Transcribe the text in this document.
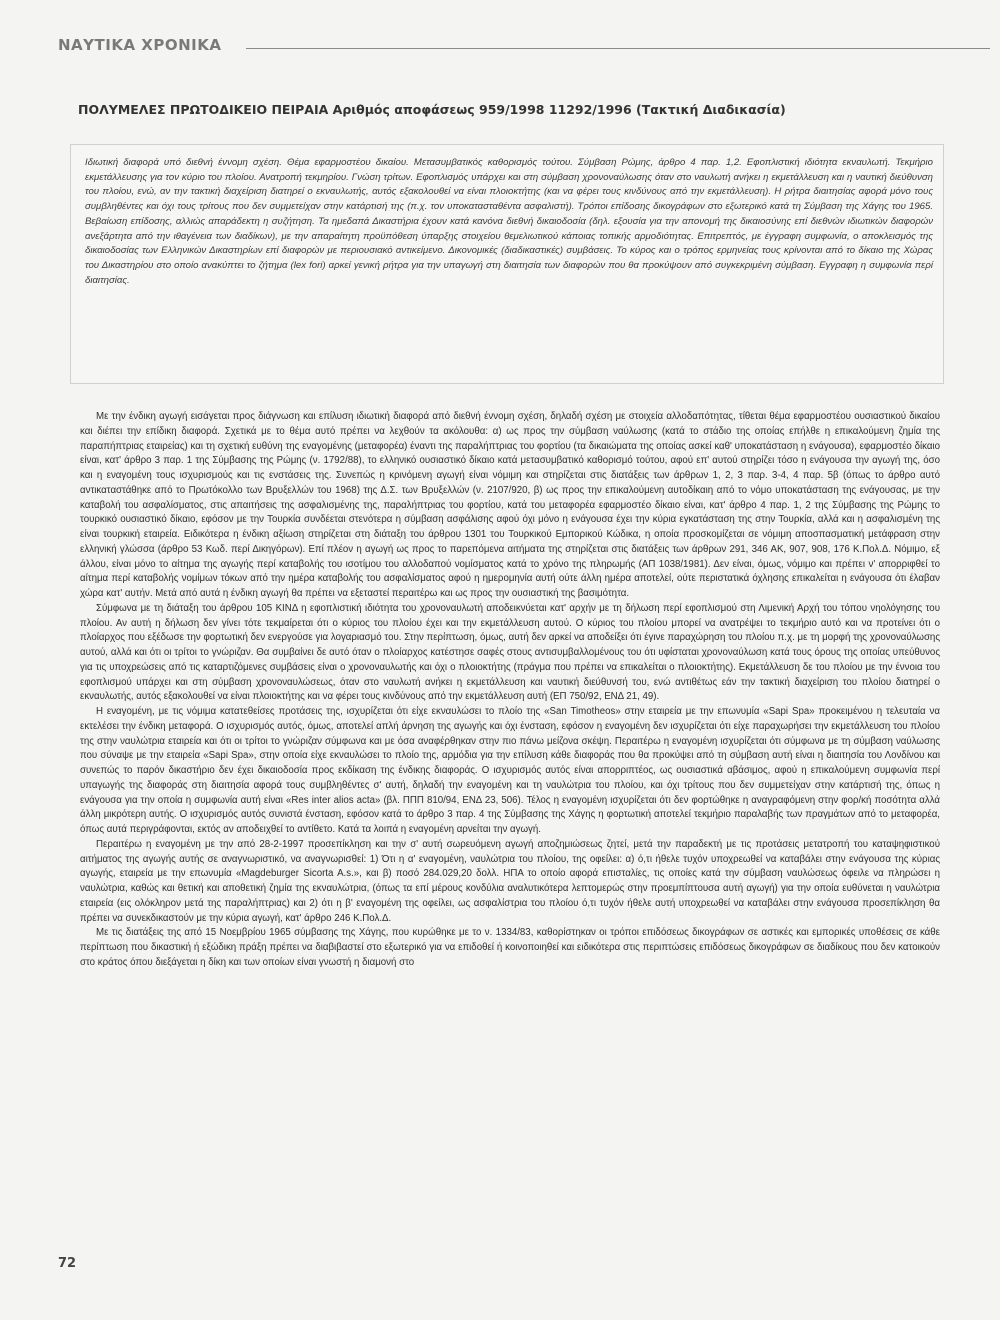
ΝΑΥΤΙΚΑ ΧΡΟΝΙΚΑ
ΠΟΛΥΜΕΛΕΣ ΠΡΩΤΟΔΙΚΕΙΟ ΠΕΙΡΑΙΑ Αριθμός αποφάσεως 959/1998 11292/1996 (Τακτική Διαδικασία)

Ιδιωτική διαφορά υπό διεθνή έννομη σχέση. Θέμα εφαρμοστέου δικαίου. Μετασυμβατικός καθορισμός τούτου. Σύμβαση Ρώμης, άρθρο 4 παρ. 1,2. Εφοπλιστική ιδιότητα εκναυλωτή. Τεκμήριο εκμετάλλευσης για τον κύριο του πλοίου. Ανατροπή τεκμηρίου. Γνώση τρίτων. Εφοπλισμός υπάρχει και στη σύμβαση χρονοναύλωσης όταν στο ναυλωτή ανήκει η εκμετάλλευση και η ναυτική διεύθυνση του πλοίου, ενώ, αν την τακτική διαχείριση διατηρεί ο εκναυλωτής, αυτός εξακολουθεί να είναι πλοιοκτήτης (και να φέρει τους κινδύνους από την εκμετάλλευση). Η ρήτρα διαιτησίας αφορά μόνο τους συμβληθέντες και όχι τους τρίτους που δεν συμμετείχαν στην κατάρτισή της (π.χ. τον υποκατασταθέντα ασφαλιστή). Τρόποι επίδοσης δικογράφων στο εξωτερικό κατά τη Σύμβαση της Χάγης του 1965. Βεβαίωση επίδοσης, αλλιώς απαράδεκτη η συζήτηση. Τα ημεδαπά Δικαστήρια έχουν κατά κανόνα διεθνή δικαιοδοσία (δηλ. εξουσία για την απονομή της δικαιοσύνης επί διεθνών ιδιωτικών διαφορών ανεξάρτητα από την ιθαγένεια των διαδίκων), με την απαραίτητη προϋπόθεση ύπαρξης στοιχείου θεμελιωτικού κάποιας τοπικής αρμοδιότητας. Επιτρεπτός, με έγγραφη συμφωνία, ο αποκλεισμός της δικαιοδοσίας των Ελληνικών Δικαστηρίων επί διαφορών με περιουσιακό αντικείμενο. Δικονομικές (διαδικαστικές) συμβάσεις. Το κύρος και ο τρόπος ερμηνείας τους κρίνονται από το δίκαιο της Χώρας του Δικαστηρίου στο οποίο ανακύπτει το ζήτημα (lex fori) αρκεί γενική ρήτρα για την υπαγωγή στη διαιτησία των διαφορών που θα προκύψουν από συγκεκριμένη σύμβαση. Εγγραφη η συμφωνία περί διαιτησίας.

Με την ένδικη αγωγή εισάγεται προς διάγνωση και επίλυση ιδιωτική διαφορά από διεθνή έννομη σχέση, δηλαδή σχέση με στοιχεία αλλοδαπότητας, τίθεται θέμα εφαρμοστέου ουσιαστικού δικαίου και διέπει την επίδικη διαφορά. Σχετικά με το θέμα αυτό πρέπει να λεχθούν τα ακόλουθα: α) ως προς την σύμβαση ναύλωσης (κατά το στάδιο της οποίας επήλθε η επικαλούμενη ζημία της παραπήπτριας εταιρείας) και τη σχετική ευθύνη της εναγομένης (μεταφορέα) έναντι της παραλήπτριας του φορτίου (τα δικαιώματα της οποίας ασκεί καθ' υποκατάσταση η ενάγουσα), εφαρμοστέο δίκαιο είναι, κατ' άρθρο 3 παρ. 1 της Σύμβασης της Ρώμης (ν. 1792/88), το ελληνικό ουσιαστικό δίκαιο κατά μετασυμβατικό καθορισμό τούτου, αφού επ' αυτού στηρίζει τόσο η ενάγουσα την αγωγή της, όσο και η εναγομένη τους ισχυρισμούς και τις ενστάσεις της. Συνεπώς η κρινόμενη αγωγή είναι νόμιμη και στηρίζεται στις διατάξεις των άρθρων 1, 2, 3 παρ. 3-4, 4 παρ. 5β (όπως το άρθρο αυτό αντικαταστάθηκε από το Πρωτόκολλο των Βρυξελλών του 1968) της Δ.Σ. των Βρυξελλών (ν. 2107/920, β) ως προς την επικαλούμενη αυτοδίκαιη από το νόμο υποκατάσταση της ενάγουσας, με την καταβολή του ασφαλίσματος, στις απαιτήσεις της ασφαλισμένης της, παραλήπτριας του φορτίου, κατά του μεταφορέα εφαρμοστέο δίκαιο είναι, κατ' άρθρο 4 παρ. 1, 2 της Σύμβασης της Ρώμης το τουρκικό ουσιαστικό δίκαιο, εφόσον με την Τουρκία συνδέεται στενότερα η σύμβαση ασφάλισης αφού όχι μόνο η ενάγουσα έχει την κύρια εγκατάσταση της στην Τουρκία, αλλά και η ασφαλισμένη της είναι τουρκική εταιρεία. Ειδικότερα η ένδικη αξίωση στηρίζεται στη διάταξη του άρθρου 1301 του Τουρκικού Εμπορικού Κώδικα, η οποία προσκομίζεται σε νόμιμη αποσπασματική μετάφραση στην ελληνική γλώσσα (άρθρο 53 Κωδ. περί Δικηγόρων). Επί πλέον η αγωγή ως προς το παρεπόμενα αιτήματα της στηρίζεται στις διατάξεις των άρθρων 291, 346 ΑΚ, 907, 908, 176 Κ.Πολ.Δ. Νόμιμο, εξ άλλου, είναι μόνο το αίτημα της αγωγής περί καταβολής του ισοτίμου του αλλοδαπού νομίσματος κατά το χρόνο της πληρωμής (ΑΠ 1038/1981). Δεν είναι, όμως, νόμιμο και πρέπει ν' απορριφθεί το αίτημα περί καταβολής νομίμων τόκων από την ημέρα καταβολής του ασφαλίσματος αφού η ημερομηνία αυτή ούτε άλλη ημέρα αποτελεί, ούτε περιστατικά όχλησης επικαλείται η ενάγουσα ότι έλαβαν χώρα κατ' αυτήν. Μετά από αυτά η ένδικη αγωγή θα πρέπει να εξεταστεί περαιτέρω και ως προς την ουσιαστική της βασιμότητα.

Σύμφωνα με τη διάταξη του άρθρου 105 ΚΙΝΔ η εφοπλιστική ιδιότητα του χρονοναυλωτή αποδεικνύεται κατ' αρχήν με τη δήλωση περί εφοπλισμού στη Λιμενική Αρχή του τόπου νηολόγησης του πλοίου. Αν αυτή η δήλωση δεν γίνει τότε τεκμαίρεται ότι ο κύριος του πλοίου έχει και την εκμετάλλευση αυτού. Ο κύριος του πλοίου μπορεί να ανατρέψει το τεκμήριο αυτό και να προτείνει ότι ο πλοίαρχος που εξέδωσε την φορτωτική δεν ενεργούσε για λογαριασμό του. Στην περίπτωση, όμως, αυτή δεν αρκεί να αποδείξει ότι έγινε παραχώρηση του πλοίου π.χ. με τη μορφή της χρονοναύλωσης αυτού, αλλά και ότι οι τρίτοι το γνώριζαν. Θα συμβαίνει δε αυτό όταν ο πλοίαρχος κατέστησε σαφές στους αντισυμβαλλομένους του ότι υφίσταται χρονοναύλωση κατά τους όρους της οποίας υπεύθυνος για τις υποχρεώσεις από τις καταρτιζόμενες συμβάσεις είναι ο χρονοναυλωτής και όχι ο πλοιοκτήτης (πράγμα που πρέπει να επικαλείται ο πλοιοκτήτης). Εκμετάλλευση δε του πλοίου με την έννοια του εφοπλισμού υπάρχει και στη σύμβαση χρονοναυλώσεως, όταν στο ναυλωτή ανήκει η εκμετάλλευση και ναυτική διεύθυνσή του, ενώ αντιθέτως εάν την τακτική διαχείριση του πλοίου διατηρεί ο εκναυλωτής, αυτός εξακολουθεί να είναι πλοιοκτήτης και να φέρει τους κινδύνους από την εκμετάλλευση αυτή (ΕΠ 750/92, ΕΝΔ 21, 49).

Η εναγομένη, με τις νόμιμα κατατεθείσες προτάσεις της, ισχυρίζεται ότι είχε εκναυλώσει το πλοίο της «San Timotheos» στην εταιρεία με την επωνυμία «Sapi Spa» προκειμένου η τελευταία να εκτελέσει την ένδικη μεταφορά. Ο ισχυρισμός αυτός, όμως, αποτελεί απλή άρνηση της αγωγής και όχι ένσταση, εφόσον η εναγομένη δεν ισχυρίζεται ότι είχε παραχωρήσει την εκμετάλλευση του πλοίου της στην ναυλώτρια εταιρεία και ότι οι τρίτοι το γνώριζαν σύμφωνα και με όσα αναφέρθηκαν στην πιο πάνω μείζονα σκέψη. Περαιτέρω η εναγομένη ισχυρίζεται ότι σύμφωνα με τη σύμβαση ναύλωσης που σύναψε με την εταιρεία «Sapi Spa», στην οποία είχε εκναυλώσει το πλοίο της, αρμόδια για την επίλυση κάθε διαφοράς που θα προκύψει από τη σύμβαση αυτή είναι η διαιτησία του Λονδίνου και συνεπώς το παρόν δικαστήριο δεν έχει δικαιοδοσία προς εκδίκαση της ένδικης διαφοράς. Ο ισχυρισμός αυτός είναι απορριπτέος, ως ουσιαστικά αβάσιμος, αφού η επικαλούμενη συμφωνία περί υπαγωγής της διαφοράς στη διαιτησία αφορά τους συμβληθέντες σ' αυτή, δηλαδή την εναγομένη και τη ναυλώτρια του πλοίου, και όχι τρίτους που δεν συμμετείχαν στην κατάρτισή της, όπως η ενάγουσα για την οποία η συμφωνία αυτή είναι «Res inter alios acta» (βλ. ΠΠΠ 810/94, ΕΝΔ 23, 506). Τέλος η εναγομένη ισχυρίζεται ότι δεν φορτώθηκε η αναγραφόμενη στην φορ/κή ποσότητα αλλά άλλη μικρότερη αυτής. Ο ισχυρισμός αυτός συνιστά ένσταση, εφόσον κατά το άρθρο 3 παρ. 4 της Σύμβασης της Χάγης η φορτωτική αποτελεί τεκμήριο παραλαβής των πραγμάτων από το μεταφορέα, όπως αυτά περιγράφονται, εκτός αν αποδειχθεί το αντίθετο. Κατά τα λοιπά η εναγομένη αρνείται την αγωγή.

Περαιτέρω η εναγομένη με την από 28-2-1997 προσεπίκληση και την σ' αυτή σωρευόμενη αγωγή αποζημιώσεως ζητεί, μετά την παραδεκτή με τις προτάσεις μετατροπή του καταψηφιστικού αιτήματος της αγωγής αυτής σε αναγνωριστικό, να αναγνωρισθεί: 1) Ότι η α' εναγομένη, ναυλώτρια του πλοίου, της οφείλει: α) ό,τι ήθελε τυχόν υποχρεωθεί να καταβάλει στην ενάγουσα της κύριας αγωγής, εταιρεία με την επωνυμία «Magdeburger Sicorta A.s.», και β) ποσό 284.029,20 δολλ. ΗΠΑ το οποίο αφορά επισταλίες, τις οποίες κατά την σύμβαση ναυλώσεως όφειλε να πληρώσει η ναυλώτρια, καθώς και θετική και αποθετική ζημία της εκναυλώτρια, (όπως τα επί μέρους κονδύλια αναλυτικότερα λεπτομερώς στην προεμπίπτουσα αυτή αγωγή) για την οποία ευθύνεται η ναυλώτρια εταιρεία (εις ολόκληρον μετά της παραλήπτριας) και 2) ότι η β' εναγομένη της οφείλει, ως ασφαλίστρια του πλοίου ό,τι τυχόν ήθελε αυτή υποχρεωθεί να καταβάλει στην ενάγουσα προσεπίκληση θα πρέπει να συνεκδικαστούν με την κύρια αγωγή, κατ' άρθρο 246 Κ.Πολ.Δ.

Με τις διατάξεις της από 15 Νοεμβρίου 1965 σύμβασης της Χάγης, που κυρώθηκε με το ν. 1334/83, καθορίστηκαν οι τρόποι επιδόσεως δικογράφων σε αστικές και εμπορικές υποθέσεις σε κάθε περίπτωση που δικαστική ή εξώδικη πράξη πρέπει να διαβιβαστεί στο εξωτερικό για να επιδοθεί ή κοινοποιηθεί και ειδικότερα στις περιπτώσεις επιδόσεως δικογράφων σε διαδίκους που δεν κατοικούν στο κράτος όπου διεξάγεται η δίκη και των οποίων είναι γνωστή η διαμονή στο

72
